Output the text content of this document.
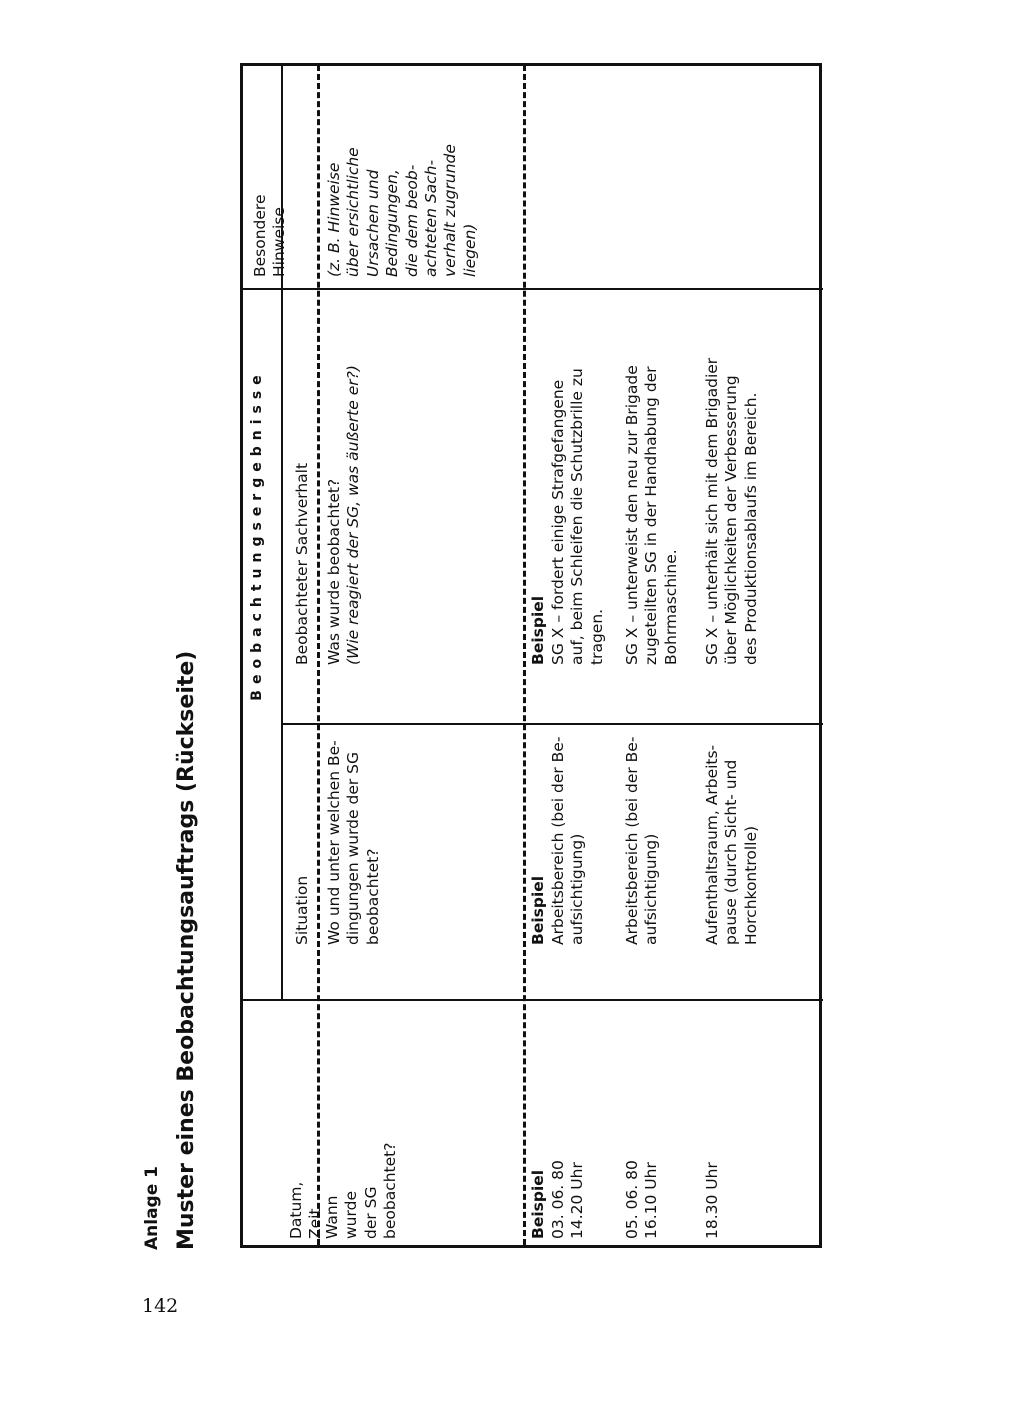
142
Anlage 1 Muster eines Beobachtungsauftrags (Rückseite)
Beobachtungsergebnisse
Datum, Zeit
Wann wurde der SG beobachtet?
Situation Wo und unter welchen Be- dingungen wurde der SG beobachtet?
Beobachteter Sachverhalt Was wurde beobachtet? (Wie reagiert der SG, was äußerte er?)
Besondere Hinweise (z. B. Hinweise über ersichtliche Ursachen und Bedingungen, die dem beob- achteten Sach- verhalt zugrunde liegen)
Beispiel
Beispiel
Beispiel
03. 06. 80 14.20 Uhr
Arbeitsbereich (bei der Be- aufsichtigung)
SG X – fordert einige Strafgefangene auf, beim Schleifen die Schutzbrille zu tragen.
05. 06. 80 16.10 Uhr
Arbeitsbereich (bei der Be- aufsichtigung)
SG X – unterweist den neu zur Brigade zugeteilten SG in der Handhabung der Bohrmaschine.
18.30 Uhr
Aufenthaltsraum, Arbeits- pause (durch Sicht- und Horchkontrolle)
SG X – unterhält sich mit dem Brigadier über Möglichkeiten der Verbesserung des Produktionsablaufs im Bereich.
